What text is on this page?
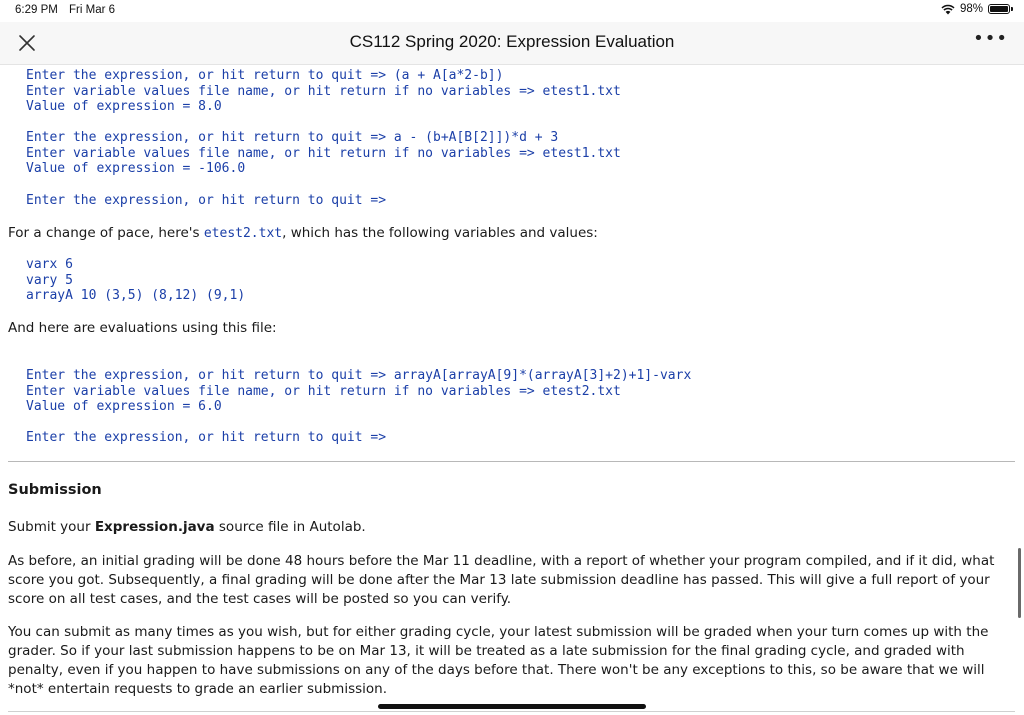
6:29 PM Fri Mar 6	98%
CS112 Spring 2020: Expression Evaluation	•••
Enter the expression, or hit return to quit => (a + A[a*2-b])
Enter variable values file name, or hit return if no variables => etest1.txt
Value of expression = 8.0
Enter the expression, or hit return to quit => a - (b+A[B[2]])*d + 3
Enter variable values file name, or hit return if no variables => etest1.txt
Value of expression = -106.0
Enter the expression, or hit return to quit =>

For a change of pace, here's etest2.txt, which has the following variables and values:

varx 6
vary 5
arrayA 10 (3,5) (8,12) (9,1)

And here are evaluations using this file:

Enter the expression, or hit return to quit => arrayA[arrayA[9]*(arrayA[3]+2)+1]-varx
Enter variable values file name, or hit return if no variables => etest2.txt
Value of expression = 6.0
Enter the expression, or hit return to quit =>

Submission

Submit your Expression.java source file in Autolab.

As before, an initial grading will be done 48 hours before the Mar 11 deadline, with a report of whether your program compiled, and if it did, what score you got. Subsequently, a final grading will be done after the Mar 13 late submission deadline has passed. This will give a full report of your score on all test cases, and the test cases will be posted so you can verify.

You can submit as many times as you wish, but for either grading cycle, your latest submission will be graded when your turn comes up with the grader. So if your last submission happens to be on Mar 13, it will be treated as a late submission for the final grading cycle, and graded with penalty, even if you happen to have submissions on any of the days before that. There won't be any exceptions to this, so be aware that we will *not* entertain requests to grade an earlier submission.
